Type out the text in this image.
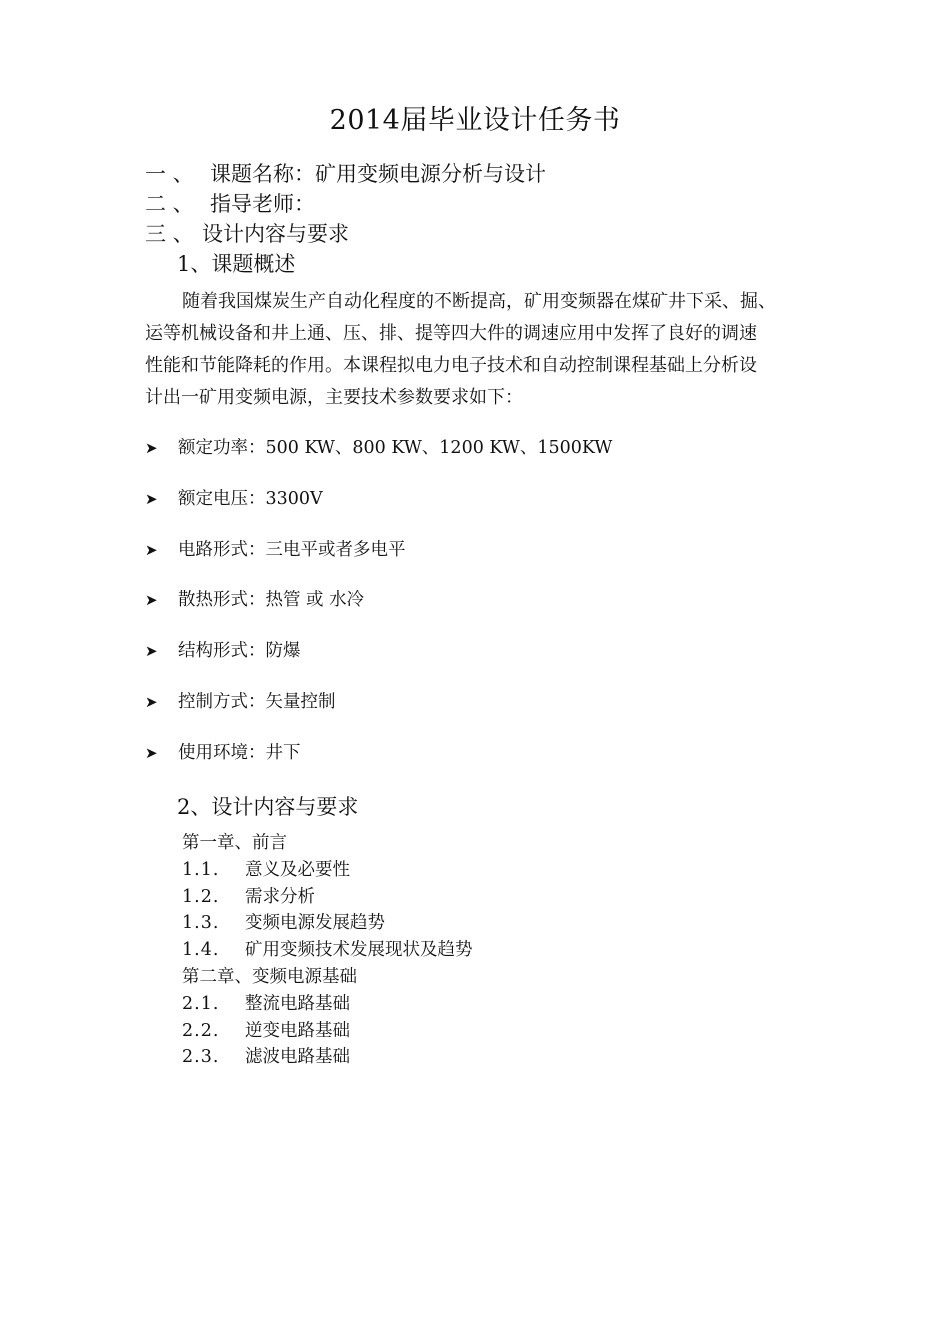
2014届毕业设计任务书
一 、 课题名称：矿用变频电源分析与设计
二 、 指导老师：
三 、 设计内容与要求
1、课题概述

随着我国煤炭生产自动化程度的不断提高，矿用变频器在煤矿井下采、掘、

运等机械设备和井上通、压、排、提等四大件的调速应用中发挥了良好的调速

性能和节能降耗的作用。本课程拟电力电子技术和自动控制课程基础上分析设

计出一矿用变频电源，主要技术参数要求如下：

➤ 额定功率：500 KW、800 KW、1200 KW、1500KW
➤ 额定电压：3300V
➤ 电路形式：三电平或者多电平
➤ 散热形式：热管 或 水冷
➤ 结构形式：防爆
➤ 控制方式：矢量控制
➤ 使用环境：井下
2、设计内容与要求
第一章、前言
1.1. 意义及必要性
1.2. 需求分析
1.3. 变频电源发展趋势
1.4. 矿用变频技术发展现状及趋势
第二章、变频电源基础
2.1. 整流电路基础
2.2. 逆变电路基础
2.3. 滤波电路基础
